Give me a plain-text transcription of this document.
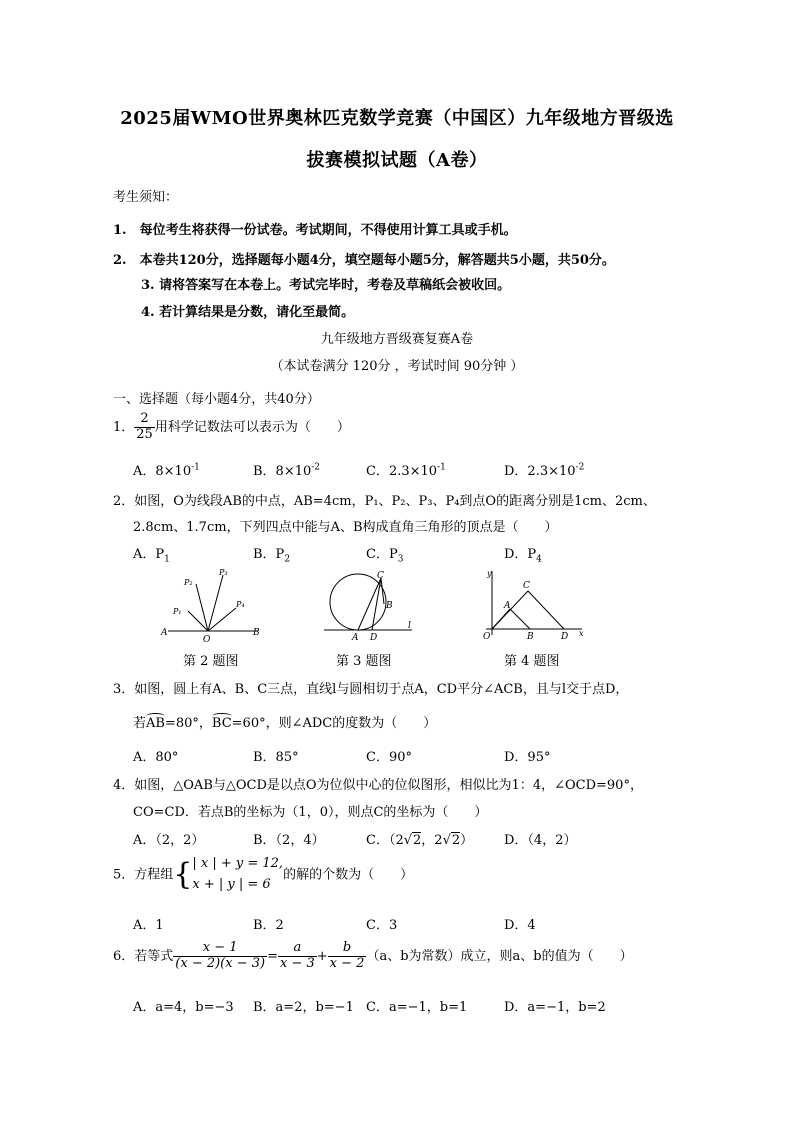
2025届WMO世界奥林匹克数学竞赛（中国区）九年级地方晋级选
拔赛模拟试题（A卷）
考生须知：
1.　每位考生将获得一份试卷。考试期间，不得使用计算工具或手机。
2.　本卷共120分，选择题每小题4分，填空题每小题5分，解答题共5小题，共50分。
3. 请将答案写在本卷上。考试完毕时，考卷及草稿纸会被收回。
4. 若计算结果是分数，请化至最简。
九年级地方晋级赛复赛A卷
（本试卷满分 120分 ，考试时间 90分钟 ）
一、选择题（每小题4分，共40分）
1． $\frac{2}{25}$ 用科学记数法可以表示为（　　）
A．$8\times 10^{-1}$	B．$8\times 10^{-2}$	C．$2.3\times 10^{-1}$	D．$2.3\times 10^{-2}$
2．如图，O为线段AB的中点，AB=4cm，P₁、P₂、P₃、P₄到点O的距离分别是1cm、2cm、
2.8cm、1.7cm，下列四点中能与A、B构成直角三角形的顶点是（　　）
A．$P_1$	B．$P_2$	C．$P_3$	D．$P_4$
A	B
O
P₁
P₂
P₃
P₄
C
B
A D
l
y
C
A
O	B	D x
第 2 题图	第 3 题图	第 4 题图
3．如图，圆上有A、B、C三点，直线l与圆相切于点A，CD平分∠ACB，且与l交于点D，
若AB=80°，BC=60°，则∠ADC的度数为（　　）
A．80°	B．85°	C．90°	D．95°
4．如图，△OAB与△OCD是以点O为位似中心的位似图形，相似比为1：4，∠OCD=90°，
CO=CD．若点B的坐标为（1，0），则点C的坐标为（　　）
A．（2，2）	B．（2，4）	C．（2√2，2√2） D．（4，2）
5．方程组{ | x | + y = 12,
x + | y | = 6
的解的个数为（　　）
A．1	B．2	C．3	D．4
6．若等式 $\frac{x - 1}{(x - 2)(x - 3)} = \frac{a}{x - 3} + \frac{b}{x - 2} (a$、b为常数）成立，则a、b的值为（　　）
A．a=4，b=−3 B．a=2，b=−1 C．a=−1，b=1	D．a=−1，b=2
